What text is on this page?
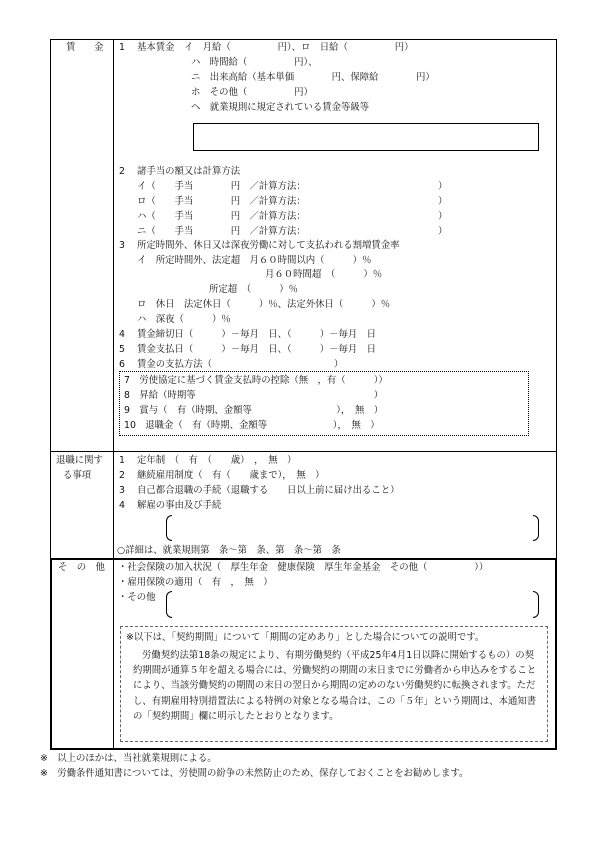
賃　　金 1 基本賃金　イ　月給（　　　　　円）、ロ　日給（　　　　　円）
ハ　時間給（　　　　　円）、
ニ　出来高給（基本単価　　　　円、保障給　　　　円）
ホ　その他（　　　　　円）
ヘ　就業規則に規定されている賃金等級等
2 諸手当の額又は計算方法
イ（　　手当　　　　円　／計算方法：
ロ（　　手当　　　　円　／計算方法：
ハ（　　手当　　　　円　／計算方法：
ニ（　　手当　　　　円　／計算方法：
）
）
）
）
3 所定時間外、休日又は深夜労働に対して支払われる割増賃金率
イ　所定時間外、法定超　月６０時間以内（　　　）％
月６０時間超　（　　　）％
所定超　（　　　）％
ロ　休日　法定休日（　　　）％、法定外休日（　　　）％
ハ　深夜（　　　）％
4 賃金締切日（　　　）－毎月　日、（　　　）－毎月　日
5 賃金支払日（　　　）－毎月　日、（　　　）－毎月　日
6 賃金の支払方法（　　　　　　　　　　　　　）
7　労使協定に基づく賃金支払時の控除（無　，有（　　　））
8　昇給（時期等　　　　　　　　　　　　　　　　　　　）
9　賞与（　有（時期、金額等　　　　　　　　　），　無　）
10　退職金（　有（時期、金額等　　　　　　　），　無　）
退職に関す
る事項
1 定年制　（　有　（　　歳）　，　無　）
2 継続雇用制度（　有（　　歳まで），　無　）
3 自己都合退職の手続（退職する　　日以上前に届け出ること）
4 解雇の事由及び手続
○詳細は、就業規則第　条～第　条、第　条～第　条
そ　の　他 ・社会保険の加入状況（　厚生年金　健康保険　厚生年金基金　その他（　　　　　））
・雇用保険の適用（　有　，　無　）
・その他
※以下は、「契約期間」について「期間の定めあり」とした場合についての説明です。
労働契約法第18条の規定により、有期労働契約（平成25年4月1日以降に開始するもの）の契約期間が通算５年を超える場合には、労働契約の期間の末日までに労働者から申込みをすることにより、当該労働契約の期間の末日の翌日から期間の定めのない労働契約に転換されます。ただし、有期雇用特別措置法による特例の対象となる場合は、この「５年」という期間は、本通知書の「契約期間」欄に明示したとおりとなります。
※　以上のほかは、当社就業規則による。
※　労働条件通知書については、労使間の紛争の未然防止のため、保存しておくことをお勧めします。
